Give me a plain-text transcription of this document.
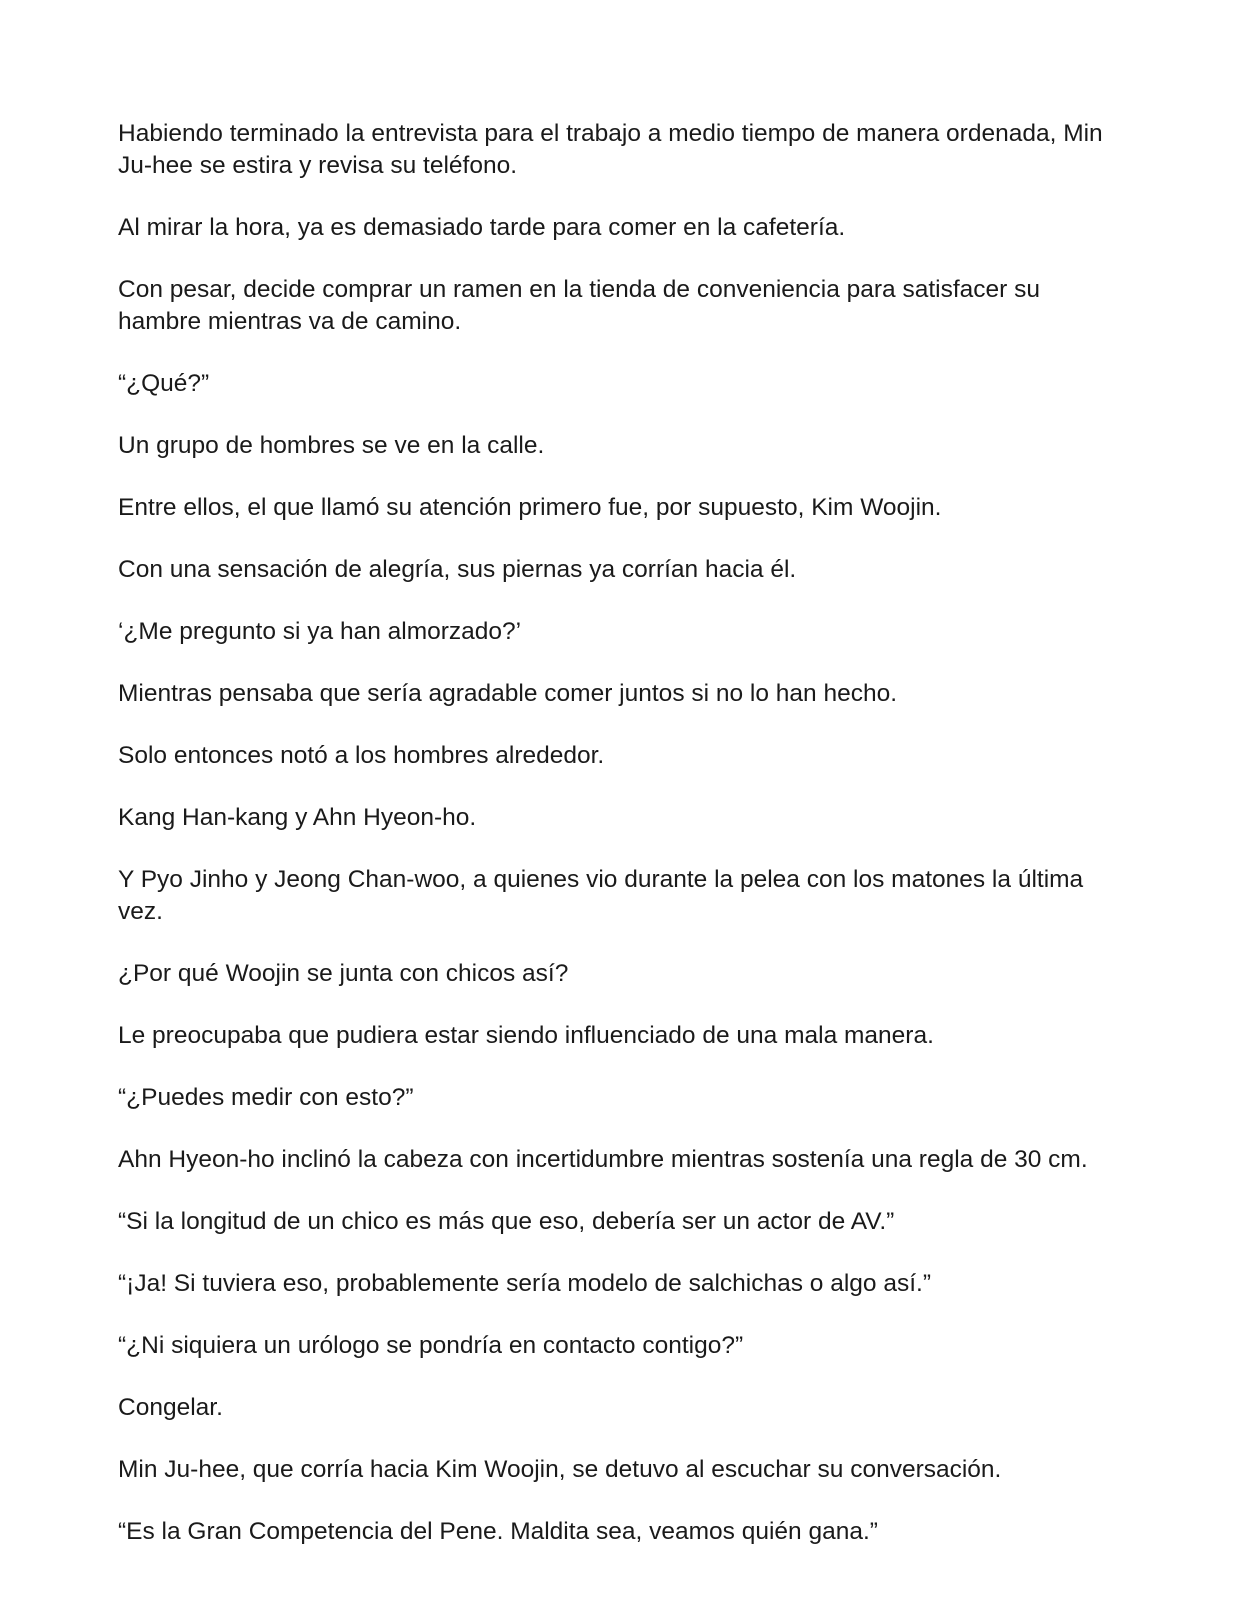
Habiendo terminado la entrevista para el trabajo a medio tiempo de manera ordenada, Min Ju-hee se estira y revisa su teléfono.

Al mirar la hora, ya es demasiado tarde para comer en la cafetería.

Con pesar, decide comprar un ramen en la tienda de conveniencia para satisfacer su hambre mientras va de camino.

“¿Qué?”

Un grupo de hombres se ve en la calle.

Entre ellos, el que llamó su atención primero fue, por supuesto, Kim Woojin.

Con una sensación de alegría, sus piernas ya corrían hacia él.

‘¿Me pregunto si ya han almorzado?’

Mientras pensaba que sería agradable comer juntos si no lo han hecho.

Solo entonces notó a los hombres alrededor.

Kang Han-kang y Ahn Hyeon-ho.

Y Pyo Jinho y Jeong Chan-woo, a quienes vio durante la pelea con los matones la última vez.

¿Por qué Woojin se junta con chicos así?

Le preocupaba que pudiera estar siendo influenciado de una mala manera.

“¿Puedes medir con esto?”

Ahn Hyeon-ho inclinó la cabeza con incertidumbre mientras sostenía una regla de 30 cm.

“Si la longitud de un chico es más que eso, debería ser un actor de AV.”

“¡Ja! Si tuviera eso, probablemente sería modelo de salchichas o algo así.”

“¿Ni siquiera un urólogo se pondría en contacto contigo?”

Congelar.

Min Ju-hee, que corría hacia Kim Woojin, se detuvo al escuchar su conversación.

“Es la Gran Competencia del Pene. Maldita sea, veamos quién gana.”
